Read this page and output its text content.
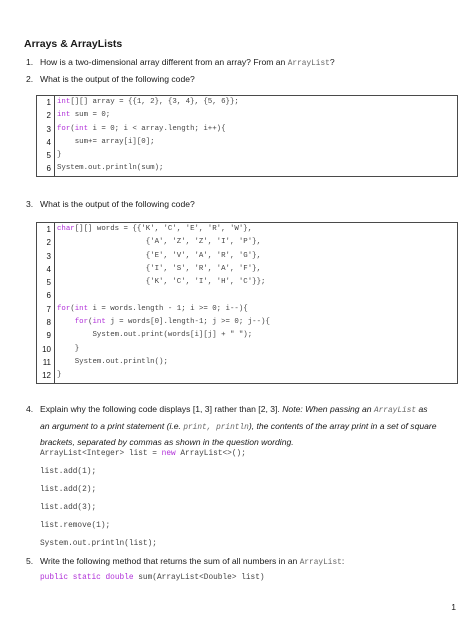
Arrays & ArrayLists
1. How is a two-dimensional array different from an array? From an ArrayList?
2. What is the output of the following code?
1 int[][] array = {{1, 2}, {3, 4}, {5, 6}};
2 int sum = 0;
3 for(int i = 0; i < array.length; i++){
4 sum+= array[i][0];
5 }
6 System.out.println(sum);
3. What is the output of the following code?
1 char[][] words = {{'K', 'C', 'E', 'R', 'W'},
2 {'A', 'Z', 'Z', 'I', 'P'},
3 {'E', 'V', 'A', 'R', 'G'},
4 {'I', 'S', 'R', 'A', 'F'},
5 {'K', 'C', 'I', 'H', 'C'}};
6
7 for(int i = words.length - 1; i >= 0; i--){
8	for(int j = words[0].length-1; j >= 0; j--){
9 System.out.print(words[i][j] + " ");
10 }
11 System.out.println();
12 }
4. Explain why the following code displays [1, 3] rather than [2, 3]. Note: When passing an ArrayList as
an argument to a print statement (i.e. print, println), the contents of the array print in a set of square
brackets, separated by commas as shown in the question wording.
ArrayList<Integer> list = new ArrayList<>();
list.add(1);
list.add(2);
list.add(3);
list.remove(1);
System.out.println(list);
5. Write the following method that returns the sum of all numbers in an ArrayList:
public static double sum(ArrayList<Double> list)
1
